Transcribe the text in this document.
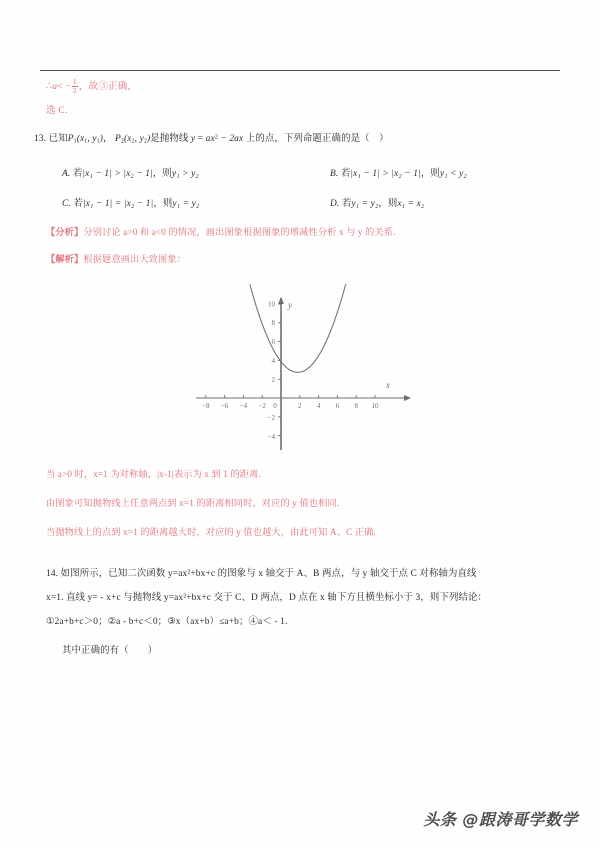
∴a< − $\frac{1}{2}$ ，故③正确，
选 C.
13. 已知$P_1(x_1$, $y_1$)， $P_2(x_2$, $y_2$)是抛物线 $y = ax^2 - 2ax$ 上的点，下列命题正确的是（　）
A. 若|x₁ − 1| > |x₂ − 1|，则y₁ > y₂	B. 若|x₁ − 1| > |x₂ − 1|，则y₁ < y₂
C. 若|x₁ − 1| = |x₂ − 1|，则y₁ = y₂	D. 若y₁ = y₂，则x₁ = x₂
【分析】分别讨论 a>0 和 a<0 的情况，画出图象根据图象的增减性分析 x 与 y 的关系.
【解析】根据题意画出大致图象：
−8 −6 −4 −2 0	2 4 6 8 10
2
4
6
8
10
−2
−4
x
y
当 a>0 时，x=1 为对称轴，|x-1|表示为 x 到 1 的距离.
由图象可知抛物线上任意两点到 x=1 的距离相同时，对应的 y 值也相同.
当抛物线上的点到 x=1 的距离越大时，对应的 y 值也越大，由此可知 A、C 正确.
14. 如图所示，已知二次函数 y=ax²+bx+c 的图象与 x 轴交于 A、B 两点，与 y 轴交于点 C 对称轴为直线
x=1. 直线 y= - x+c 与抛物线 y=ax²+bx+c 交于 C、D 两点，D 点在 x 轴下方且横坐标小于 3，则下列结论：
①2a+b+c＞0；②a - b+c＜0；③x（ax+b）≤a+b；④a＜ - 1.
其中正确的有（　　）
头条 @跟涛哥学数学
